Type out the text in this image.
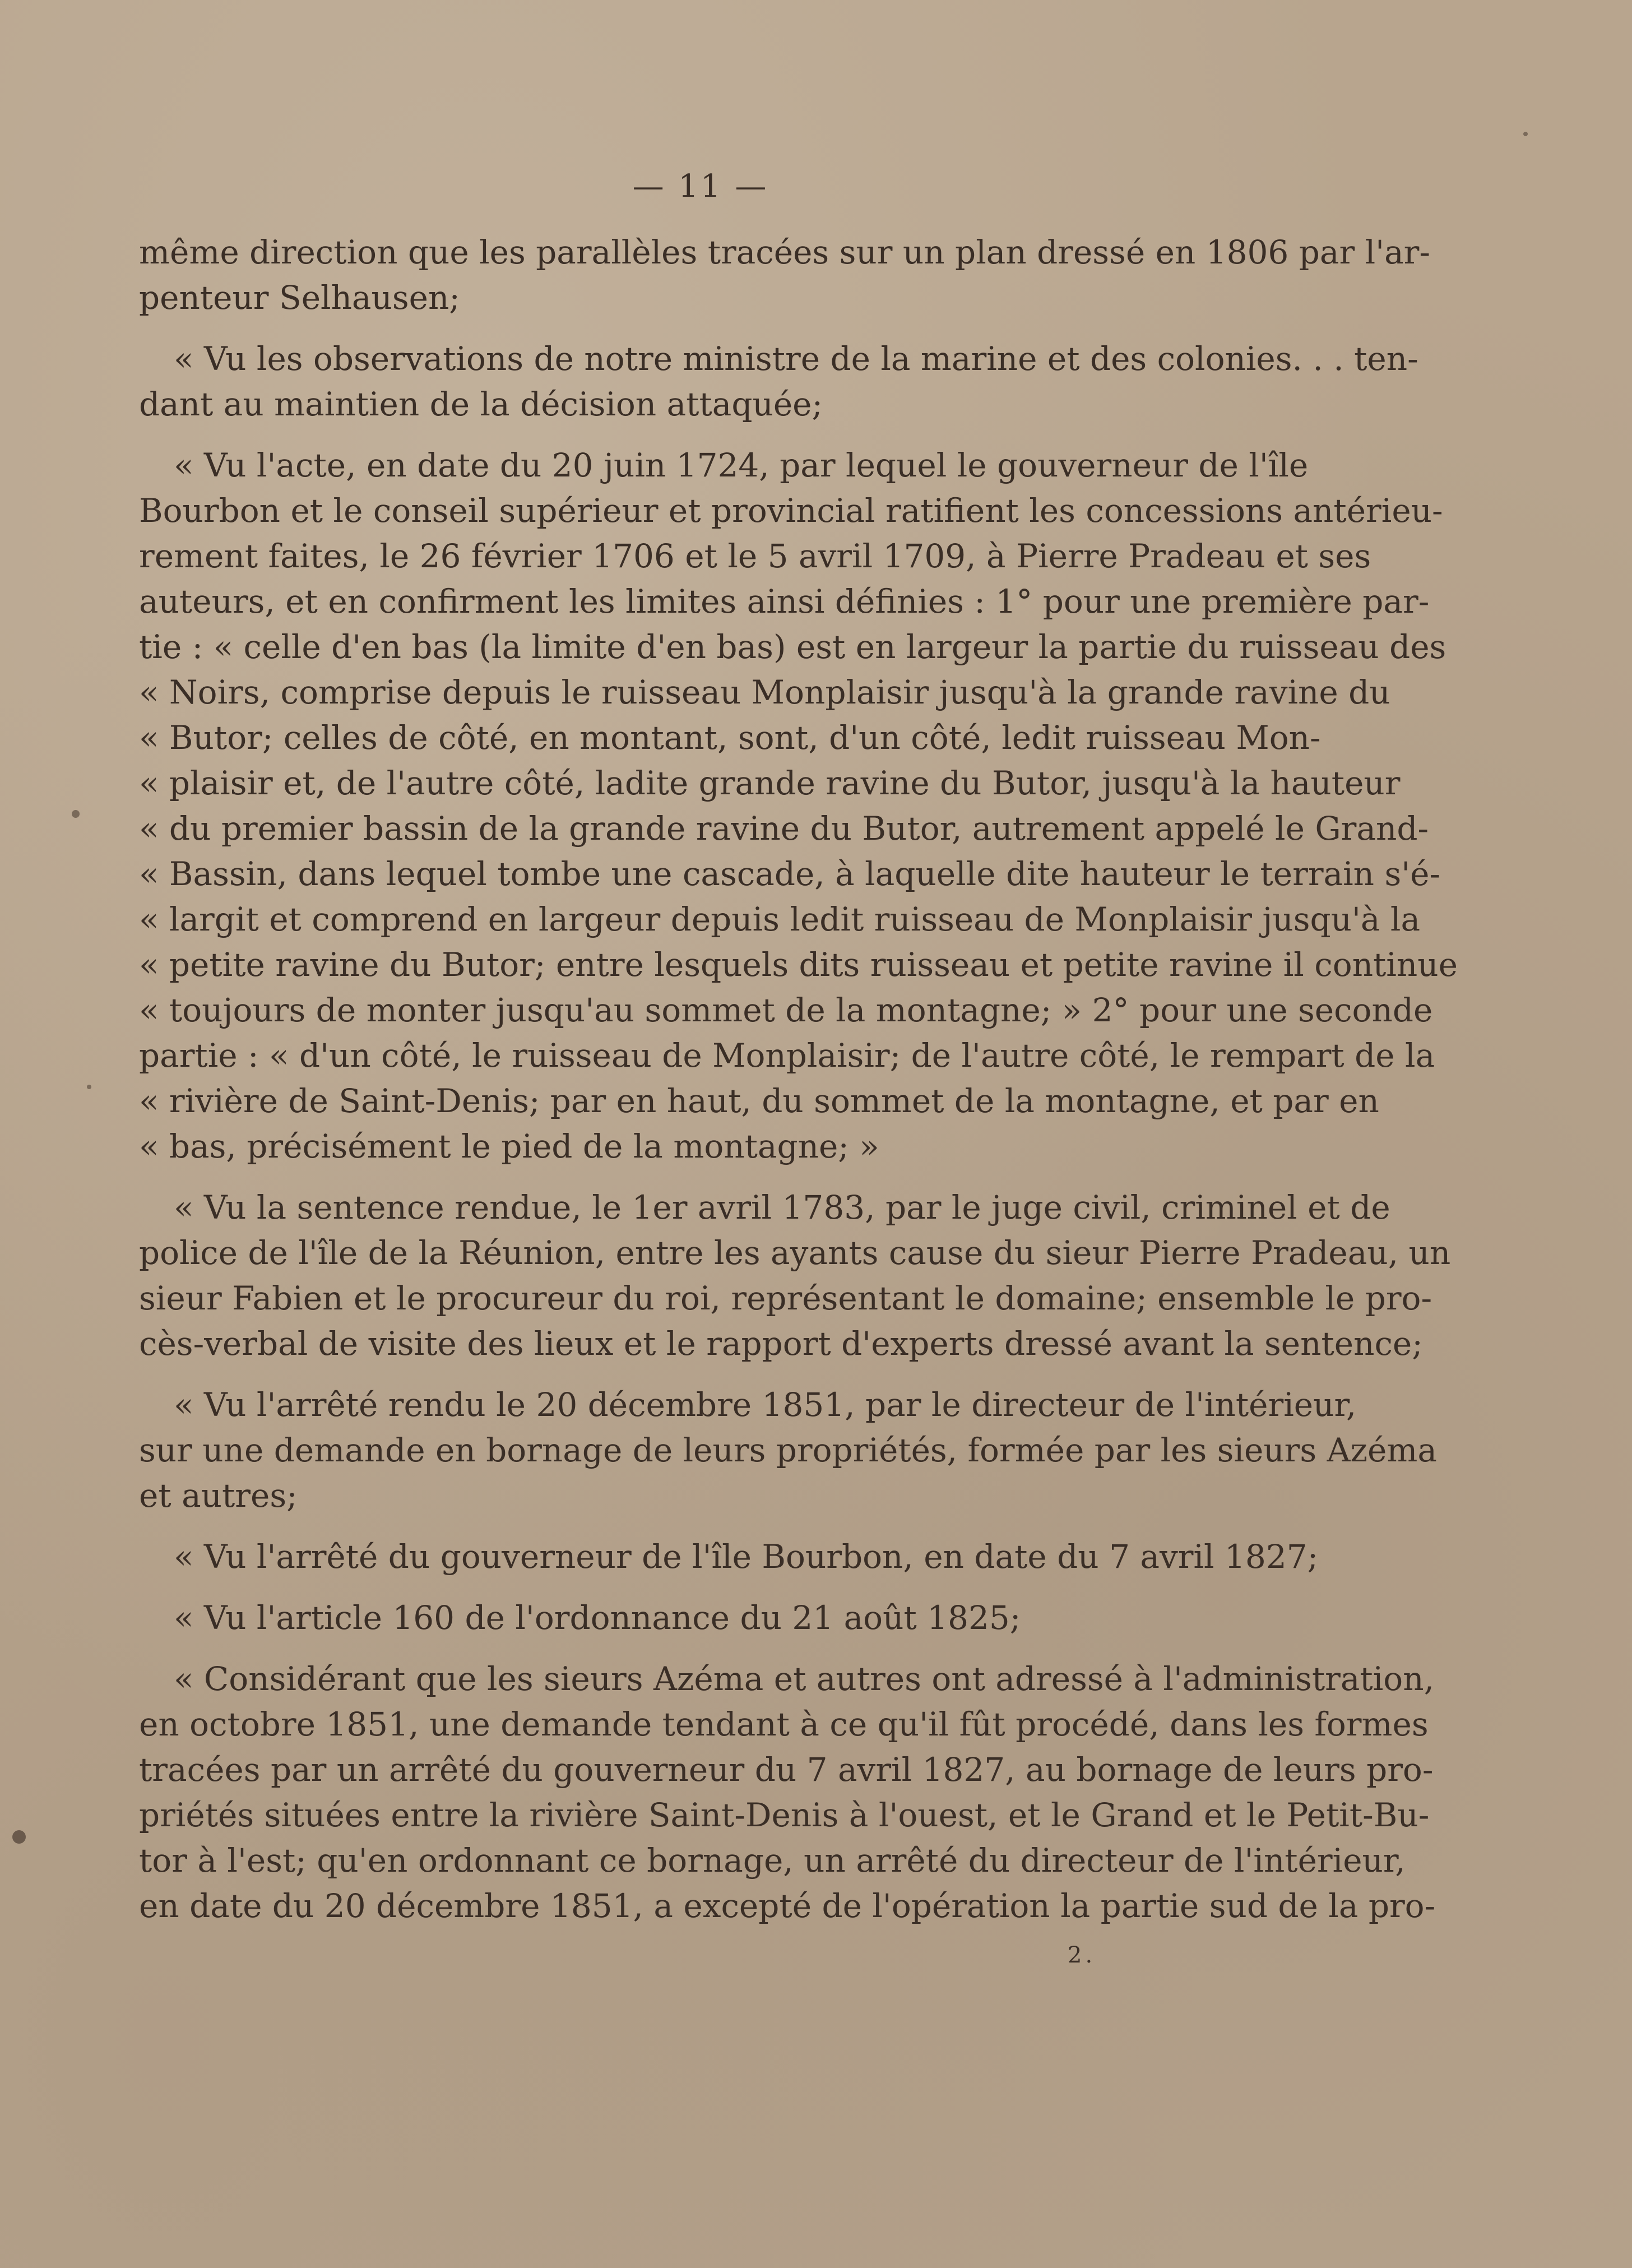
— 11 —
même direction que les parallèles tracées sur un plan dressé en 1806 par l'ar-
penteur Selhausen;
« Vu les observations de notre ministre de la marine et des colonies. . . ten-
dant au maintien de la décision attaquée;
« Vu l'acte, en date du 20 juin 1724, par lequel le gouverneur de l'île
Bourbon et le conseil supérieur et provincial ratifient les concessions antérieu-
rement faites, le 26 février 1706 et le 5 avril 1709, à Pierre Pradeau et ses
auteurs, et en confirment les limites ainsi définies : 1° pour une première par-
tie : « celle d'en bas (la limite d'en bas) est en largeur la partie du ruisseau des
« Noirs, comprise depuis le ruisseau Monplaisir jusqu'à la grande ravine du
« Butor; celles de côté, en montant, sont, d'un côté, ledit ruisseau Mon-
« plaisir et, de l'autre côté, ladite grande ravine du Butor, jusqu'à la hauteur
« du premier bassin de la grande ravine du Butor, autrement appelé le Grand-
« Bassin, dans lequel tombe une cascade, à laquelle dite hauteur le terrain s'é-
« largit et comprend en largeur depuis ledit ruisseau de Monplaisir jusqu'à la
« petite ravine du Butor; entre lesquels dits ruisseau et petite ravine il continue
« toujours de monter jusqu'au sommet de la montagne; » 2° pour une seconde
partie : « d'un côté, le ruisseau de Monplaisir; de l'autre côté, le rempart de la
« rivière de Saint-Denis; par en haut, du sommet de la montagne, et par en
« bas, précisément le pied de la montagne; »
« Vu la sentence rendue, le 1er avril 1783, par le juge civil, criminel et de
police de l'île de la Réunion, entre les ayants cause du sieur Pierre Pradeau, un
sieur Fabien et le procureur du roi, représentant le domaine; ensemble le pro-
cès-verbal de visite des lieux et le rapport d'experts dressé avant la sentence;
« Vu l'arrêté rendu le 20 décembre 1851, par le directeur de l'intérieur,
sur une demande en bornage de leurs propriétés, formée par les sieurs Azéma
et autres;
« Vu l'arrêté du gouverneur de l'île Bourbon, en date du 7 avril 1827;
« Vu l'article 160 de l'ordonnance du 21 août 1825;
« Considérant que les sieurs Azéma et autres ont adressé à l'administration,
en octobre 1851, une demande tendant à ce qu'il fût procédé, dans les formes
tracées par un arrêté du gouverneur du 7 avril 1827, au bornage de leurs pro-
priétés situées entre la rivière Saint-Denis à l'ouest, et le Grand et le Petit-Bu-
tor à l'est; qu'en ordonnant ce bornage, un arrêté du directeur de l'intérieur,
en date du 20 décembre 1851, a excepté de l'opération la partie sud de la pro-
2.
